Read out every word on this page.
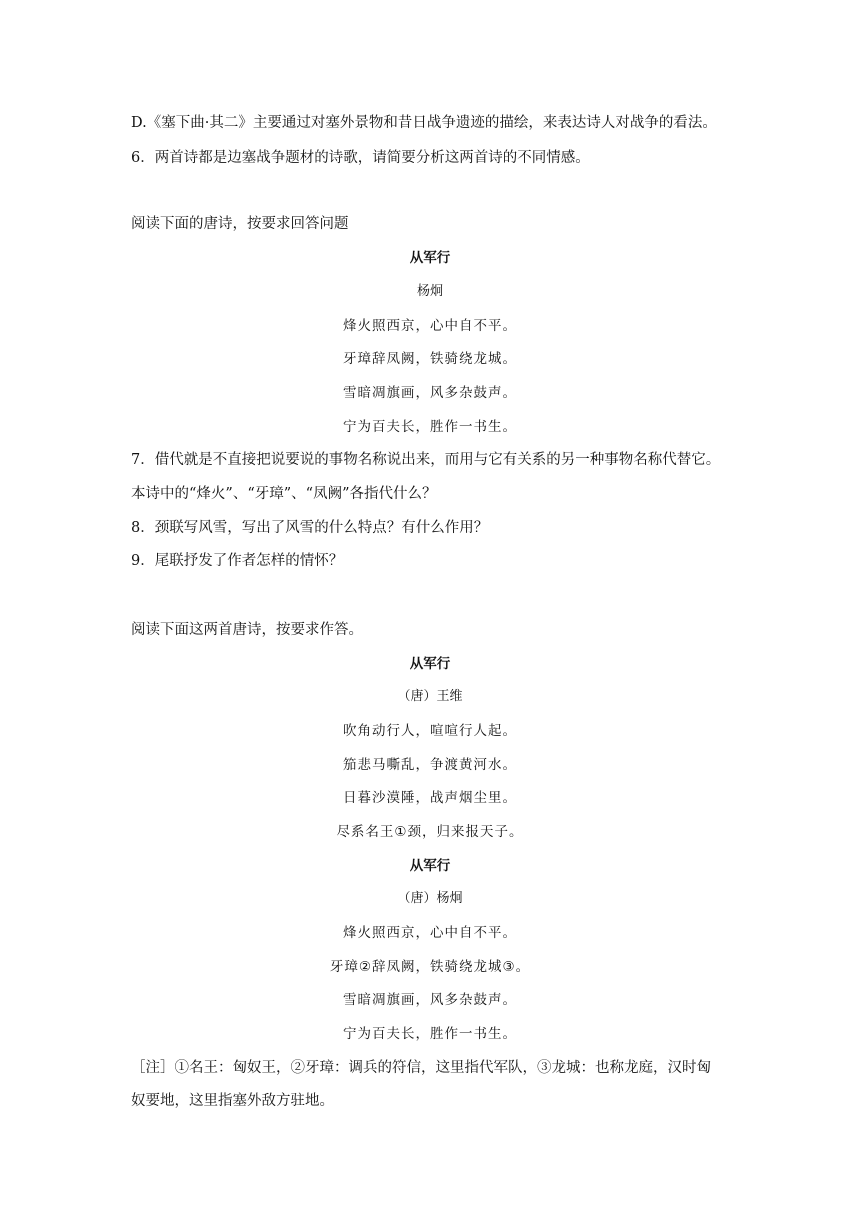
D.《塞下曲·其二》主要通过对塞外景物和昔日战争遗迹的描绘，来表达诗人对战争的看法。
6．两首诗都是边塞战争题材的诗歌，请简要分析这两首诗的不同情感。
阅读下面的唐诗，按要求回答问题
从军行
杨炯
烽火照西京，心中自不平。
牙璋辞凤阙，铁骑绕龙城。
雪暗凋旗画，风多杂鼓声。
宁为百夫长，胜作一书生。
7．借代就是不直接把说要说的事物名称说出来，而用与它有关系的另一种事物名称代替它。
本诗中的“烽火”、“牙璋”、“凤阙”各指代什么？
8．颈联写风雪，写出了风雪的什么特点？有什么作用？
9．尾联抒发了作者怎样的情怀？
阅读下面这两首唐诗，按要求作答。
从军行
（唐）王维
吹角动行人，喧喧行人起。
笳悲马嘶乱，争渡黄河水。
日暮沙漠陲，战声烟尘里。
尽系名王①颈，归来报天子。
从军行
（唐）杨炯
烽火照西京，心中自不平。
牙璋②辞凤阙，铁骑绕龙城③。
雪暗凋旗画，风多杂鼓声。
宁为百夫长，胜作一书生。
［注］①名王：匈奴王，②牙璋：调兵的符信，这里指代军队，③龙城：也称龙庭，汉时匈
奴要地，这里指塞外敌方驻地。
